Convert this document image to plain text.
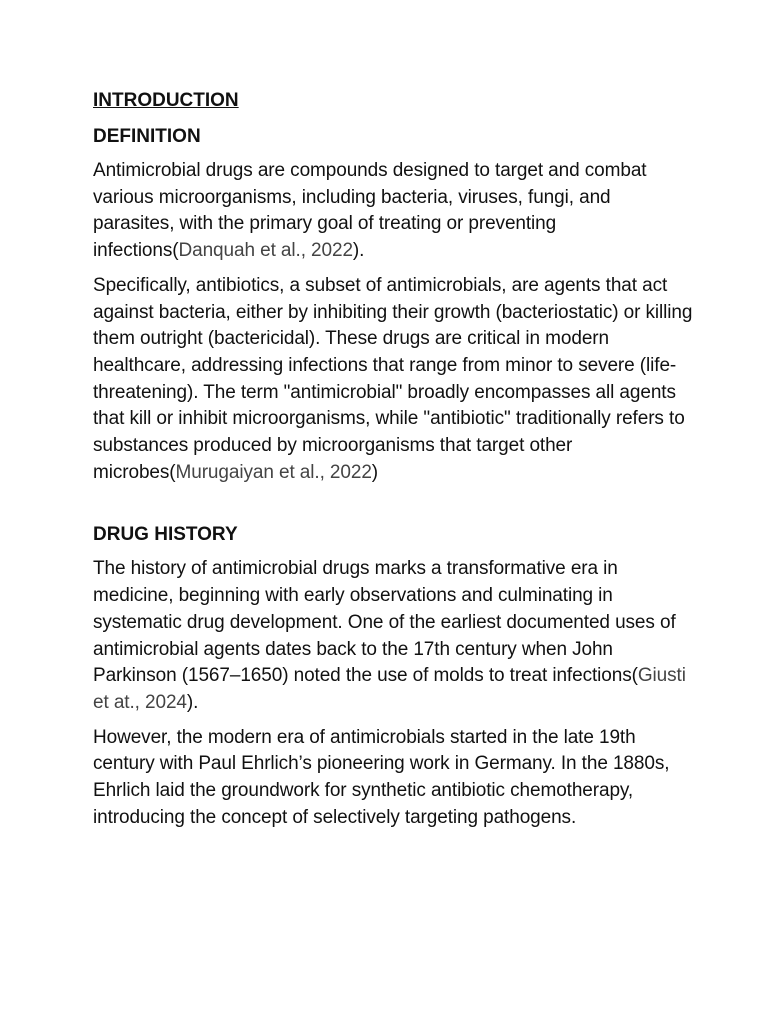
INTRODUCTION

DEFINITION

Antimicrobial drugs are compounds designed to target and combat various microorganisms, including bacteria, viruses, fungi, and parasites, with the primary goal of treating or preventing infections(Danquah et al., 2022).

Specifically, antibiotics, a subset of antimicrobials, are agents that act against bacteria, either by inhibiting their growth (bacteriostatic) or killing them outright (bactericidal). These drugs are critical in modern healthcare, addressing infections that range from minor to severe (life-threatening). The term "antimicrobial" broadly encompasses all agents that kill or inhibit microorganisms, while "antibiotic" traditionally refers to substances produced by microorganisms that target other microbes(Murugaiyan et al., 2022)

DRUG HISTORY

The history of antimicrobial drugs marks a transformative era in medicine, beginning with early observations and culminating in systematic drug development. One of the earliest documented uses of antimicrobial agents dates back to the 17th century when John Parkinson (1567–1650) noted the use of molds to treat infections(Giusti et at., 2024).

However, the modern era of antimicrobials started in the late 19th century with Paul Ehrlich’s pioneering work in Germany. In the 1880s, Ehrlich laid the groundwork for synthetic antibiotic chemotherapy, introducing the concept of selectively targeting pathogens.
